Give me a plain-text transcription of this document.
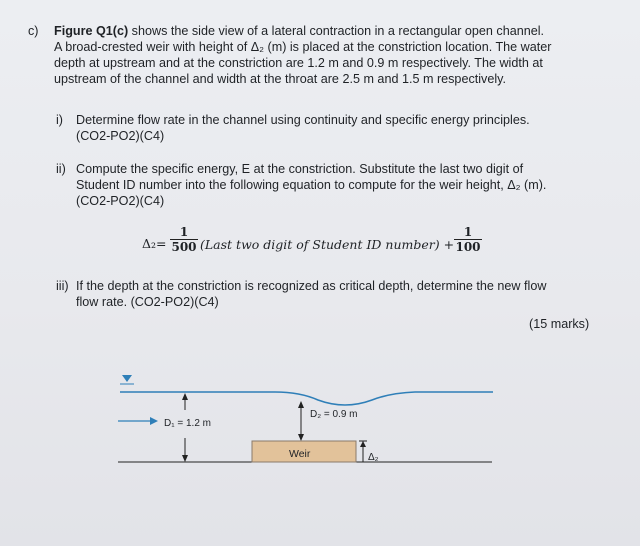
c) Figure Q1(c) shows the side view of a lateral contraction in a rectangular open channel.
A broad-crested weir with height of Δ₂ (m) is placed at the constriction location. The water
depth at upstream and at the constriction are 1.2 m and 0.9 m respectively. The width at
upstream of the channel and width at the throat are 2.5 m and 1.5 m respectively.
i) Determine flow rate in the channel using continuity and specific energy principles.
(CO2-PO2)(C4)
ii) Compute the specific energy, E at the constriction. Substitute the last two digit of
Student ID number into the following equation to compute for the weir height, Δ₂ (m).
(CO2-PO2)(C4)
Δ₂=
1
500 (Last two digit of Student ID number) +
1
100
iii) If the depth at the constriction is recognized as critical depth, determine the new flow
flow rate. (CO2-PO2)(C4)
(15 marks)
D₁ = 1.2 m
D₂ = 0.9 m
Weir	Δ₂
